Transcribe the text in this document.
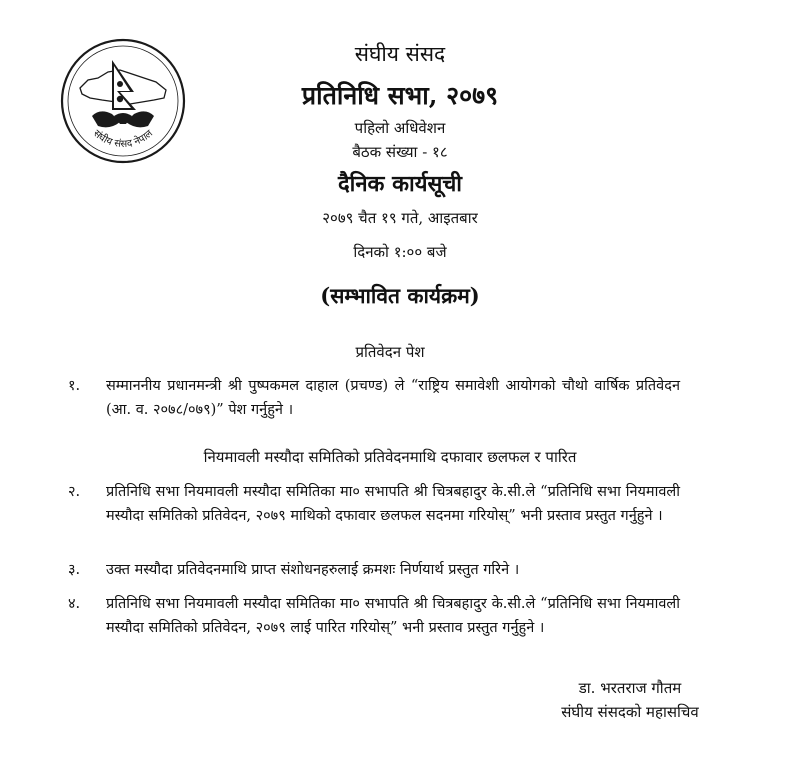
संघीय संसद नेपाल
संघीय संसद
प्रतिनिधि सभा, २०७९
पहिलो अधिवेशन
बैठक संख्या - १८
दैनिक कार्यसूची
२०७९ चैत १९ गते, आइतबार
दिनको १:०० बजे
(सम्भावित कार्यक्रम)
प्रतिवेदन पेश
१.	सम्माननीय प्रधानमन्त्री श्री पुष्पकमल दाहाल (प्रचण्ड) ले “राष्ट्रिय समावेशी आयोगको चौथो वार्षिक प्रतिवेदन (आ. व. २०७८/०७९)” पेश गर्नुहुने ।
नियमावली मस्यौदा समितिको प्रतिवेदनमाथि दफावार छलफल र पारित
२.	प्रतिनिधि सभा नियमावली मस्यौदा समितिका मा० सभापति श्री चित्रबहादुर के.सी.ले “प्रतिनिधि सभा नियमावली मस्यौदा समितिको प्रतिवेदन, २०७९ माथिको दफावार छलफल सदनमा गरियोस्” भनी प्रस्ताव प्रस्तुत गर्नुहुने ।
३.	उक्त मस्यौदा प्रतिवेदनमाथि प्राप्त संशोधनहरुलाई क्रमशः निर्णयार्थ प्रस्तुत गरिने ।
४.	प्रतिनिधि सभा नियमावली मस्यौदा समितिका मा० सभापति श्री चित्रबहादुर के.सी.ले “प्रतिनिधि सभा नियमावली मस्यौदा समितिको प्रतिवेदन, २०७९ लाई पारित गरियोस्” भनी प्रस्ताव प्रस्तुत गर्नुहुने ।
डा. भरतराज गौतम
संघीय संसदको महासचिव
